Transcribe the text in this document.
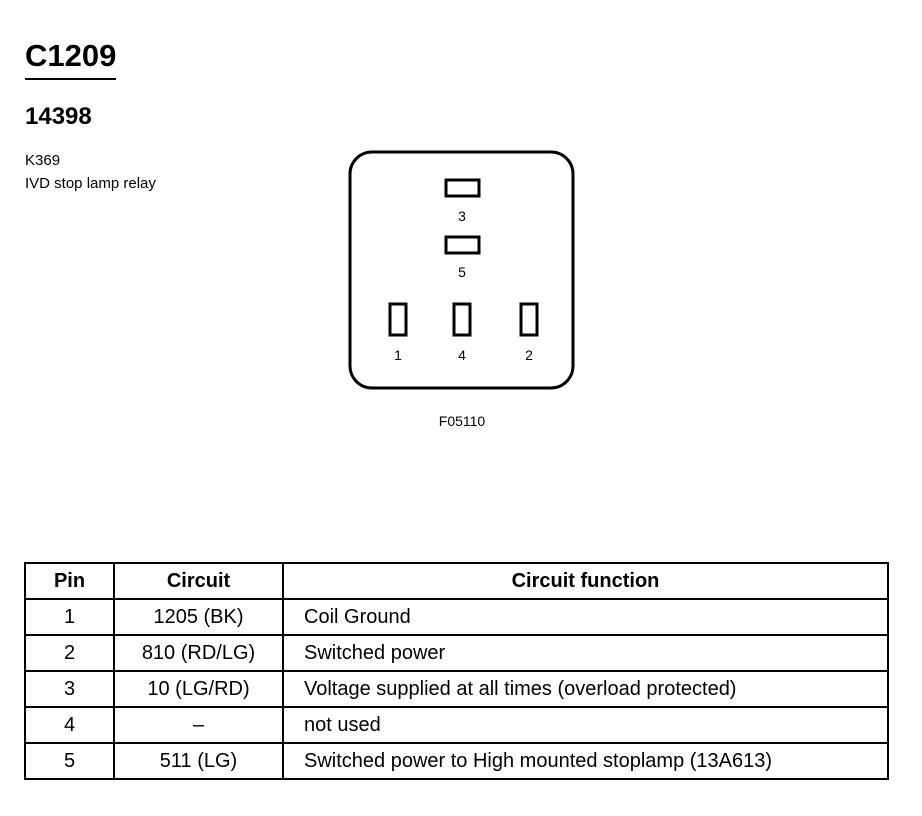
C1209
14398
K369
IVD stop lamp relay
3
5
1	4	2
F05110
Pin	Circuit	Circuit function
1	1205 (BK)	Coil Ground
2	810 (RD/LG)	Switched power
3	10 (LG/RD)	Voltage supplied at all times (overload protected)
4	–	not used
5	511 (LG)	Switched power to High mounted stoplamp (13A613)
